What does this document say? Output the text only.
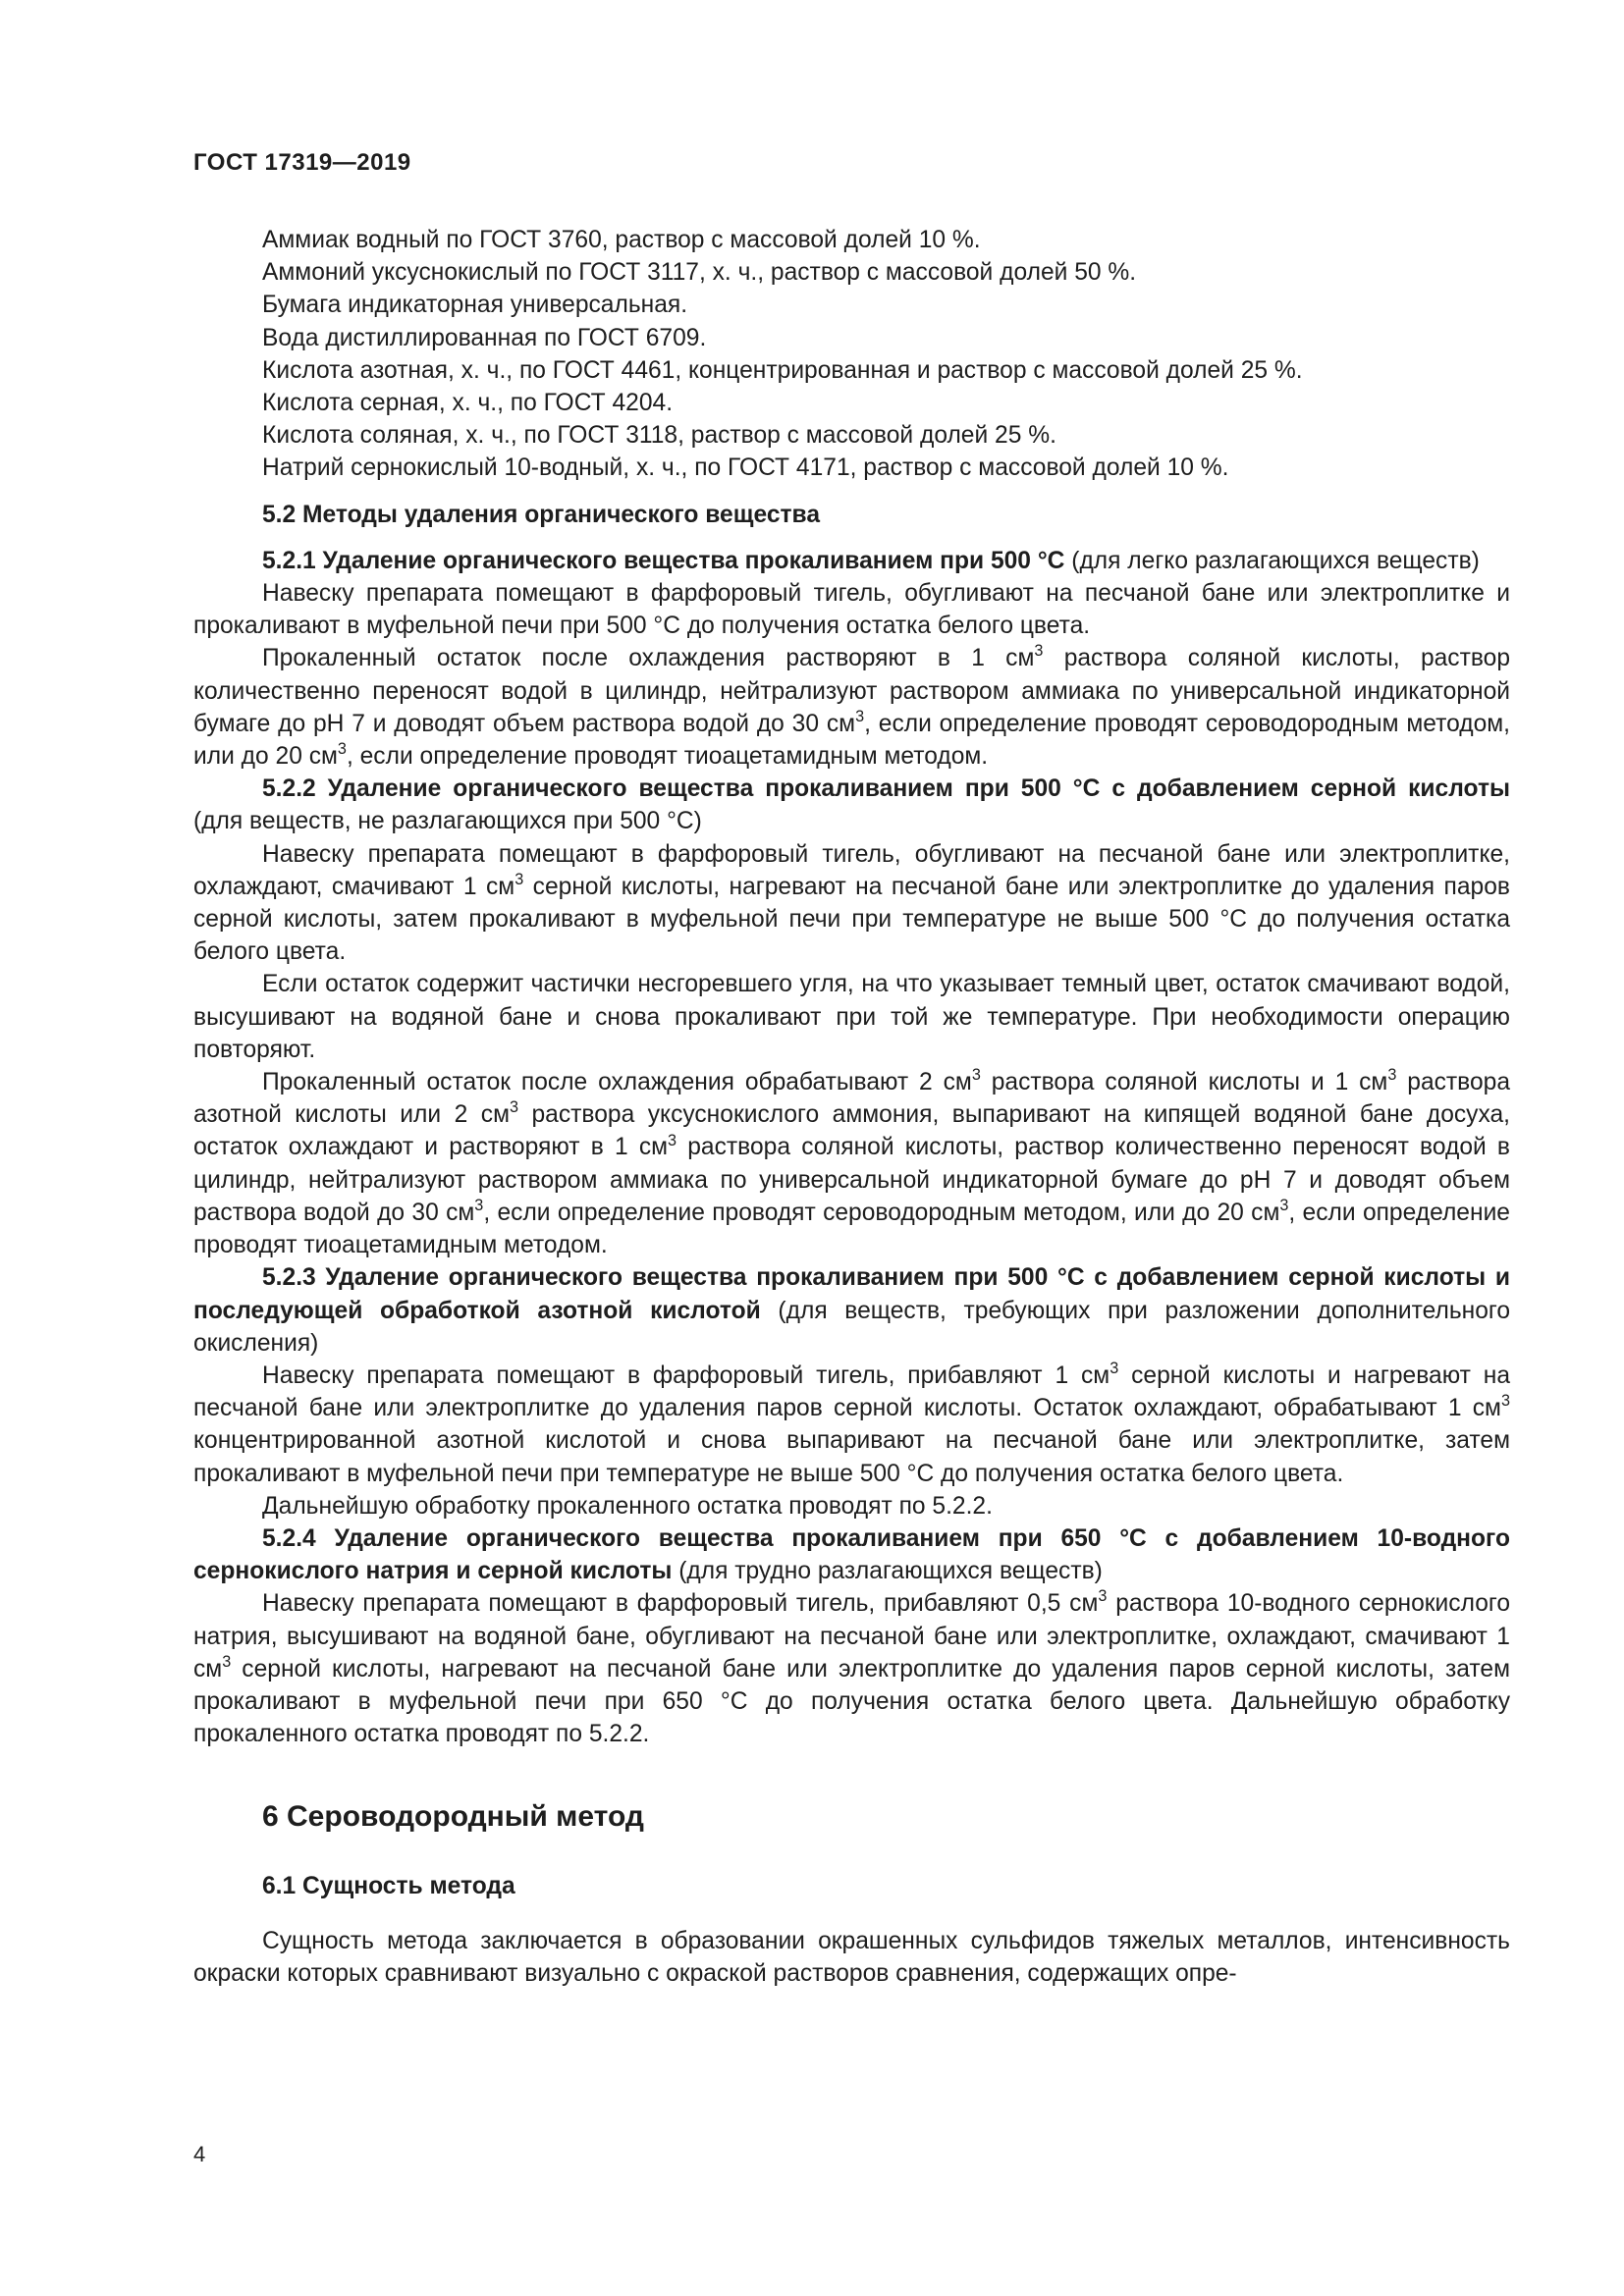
ГОСТ 17319—2019
Аммиак водный по ГОСТ 3760, раствор с массовой долей 10 %.
Аммоний уксуснокислый по ГОСТ 3117, х. ч., раствор с массовой долей 50 %.
Бумага индикаторная универсальная.
Вода дистиллированная по ГОСТ 6709.
Кислота азотная, х. ч., по ГОСТ 4461, концентрированная и раствор с массовой долей 25 %.
Кислота серная, х. ч., по ГОСТ 4204.
Кислота соляная, х. ч., по ГОСТ 3118, раствор с массовой долей 25 %.
Натрий сернокислый 10-водный, х. ч., по ГОСТ 4171, раствор с массовой долей 10 %.
5.2 Методы удаления органического вещества

5.2.1 Удаление органического вещества прокаливанием при 500 °С (для легко разлагающихся веществ)

Навеску препарата помещают в фарфоровый тигель, обугливают на песчаной бане или электроплитке и прокаливают в муфельной печи при 500 °С до получения остатка белого цвета.

Прокаленный остаток после охлаждения растворяют в 1 $см^3$ раствора соляной кислоты, раствор количественно переносят водой в цилиндр, нейтрализуют раствором аммиака по универсальной индикаторной бумаге до рН 7 и доводят объем раствора водой до 30 $см^3$, если определение проводят сероводородным методом, или до 20 $см^3$, если определение проводят тиоацетамидным методом.

5.2.2 Удаление органического вещества прокаливанием при 500 °С с добавлением серной кислоты (для веществ, не разлагающихся при 500 °С)

Навеску препарата помещают в фарфоровый тигель, обугливают на песчаной бане или электроплитке, охлаждают, смачивают 1 $см^3$ серной кислоты, нагревают на песчаной бане или электроплитке до удаления паров серной кислоты, затем прокаливают в муфельной печи при температуре не выше 500 °С до получения остатка белого цвета.

Если остаток содержит частички несгоревшего угля, на что указывает темный цвет, остаток смачивают водой, высушивают на водяной бане и снова прокаливают при той же температуре. При необходимости операцию повторяют.

Прокаленный остаток после охлаждения обрабатывают 2 $см^3$ раствора соляной кислоты и 1 $см^3$ раствора азотной кислоты или 2 $см^3$ раствора уксуснокислого аммония, выпаривают на кипящей водяной бане досуха, остаток охлаждают и растворяют в 1 $см^3$ раствора соляной кислоты, раствор количественно переносят водой в цилиндр, нейтрализуют раствором аммиака по универсальной индикаторной бумаге до рН 7 и доводят объем раствора водой до 30 $см^3$, если определение проводят сероводородным методом, или до 20 $см^3$, если определение проводят тиоацетамидным методом.

5.2.3 Удаление органического вещества прокаливанием при 500 °С с добавлением серной кислоты и последующей обработкой азотной кислотой (для веществ, требующих при разложении дополнительного окисления)

Навеску препарата помещают в фарфоровый тигель, прибавляют 1 $см^3$ серной кислоты и нагревают на песчаной бане или электроплитке до удаления паров серной кислоты. Остаток охлаждают, обрабатывают 1 $см^3$ концентрированной азотной кислотой и снова выпаривают на песчаной бане или электроплитке, затем прокаливают в муфельной печи при температуре не выше 500 °С до получения остатка белого цвета.

Дальнейшую обработку прокаленного остатка проводят по 5.2.2.

5.2.4 Удаление органического вещества прокаливанием при 650 °С с добавлением 10-водного сернокислого натрия и серной кислоты (для трудно разлагающихся веществ)

Навеску препарата помещают в фарфоровый тигель, прибавляют 0,5 $см^3$ раствора 10-водного сернокислого натрия, высушивают на водяной бане, обугливают на песчаной бане или электроплитке, охлаждают, смачивают 1 $см^3$ серной кислоты, нагревают на песчаной бане или электроплитке до удаления паров серной кислоты, затем прокаливают в муфельной печи при 650 °С до получения остатка белого цвета. Дальнейшую обработку прокаленного остатка проводят по 5.2.2.

6 Сероводородный метод
6.1 Сущность метода

Сущность метода заключается в образовании окрашенных сульфидов тяжелых металлов, интенсивность окраски которых сравнивают визуально с окраской растворов сравнения, содержащих опре-

4
